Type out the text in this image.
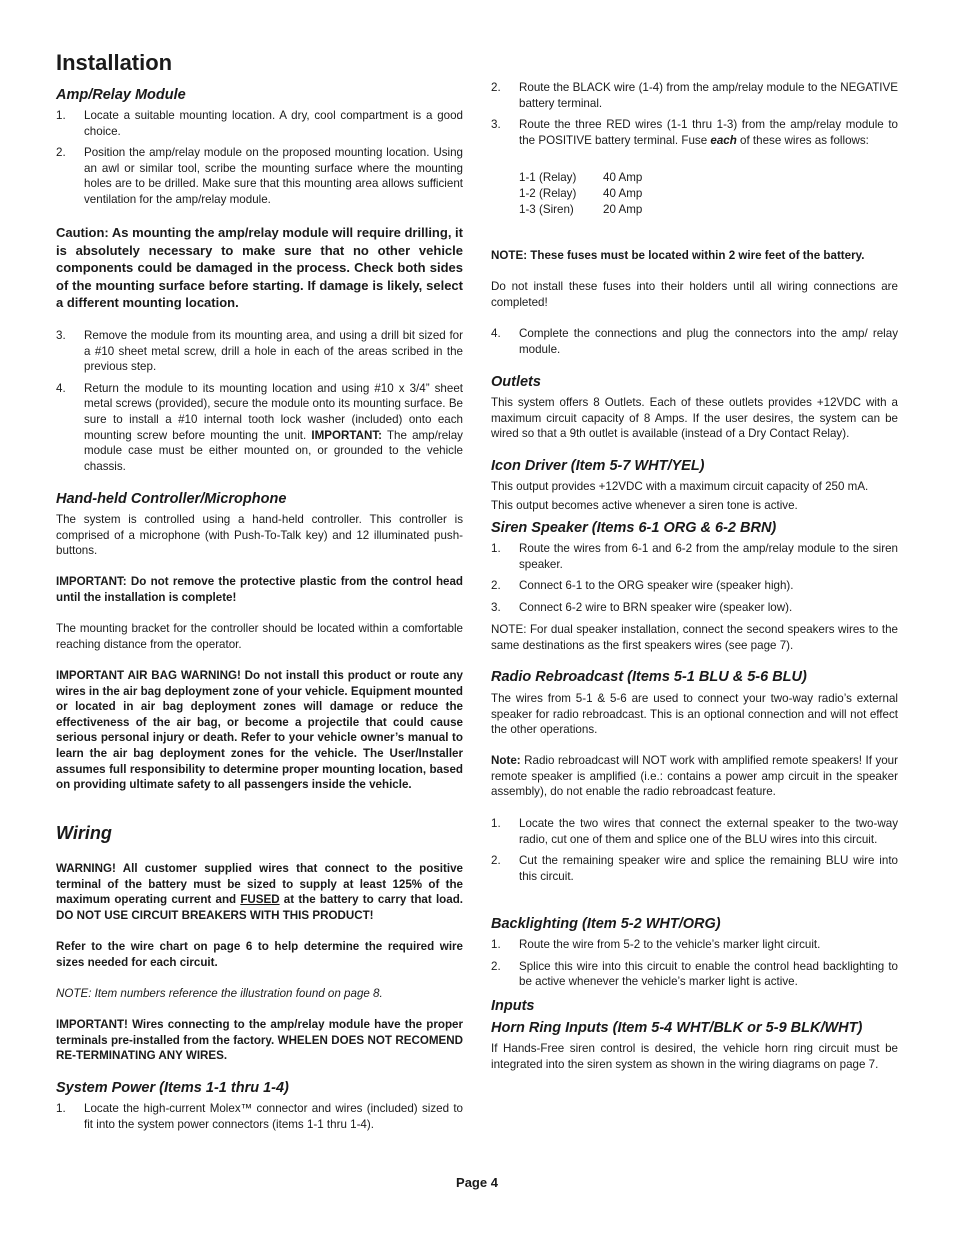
Installation
Amp/Relay Module
1. Locate a suitable mounting location. A dry, cool compartment is a good choice.
2. Position the amp/relay module on the proposed mounting location. Using an awl or similar tool, scribe the mounting surface where the mounting holes are to be drilled. Make sure that this mounting area allows sufficient ventilation for the amp/relay module.

Caution: As mounting the amp/relay module will require drilling, it is absolutely necessary to make sure that no other vehicle components could be damaged in the process. Check both sides of the mounting surface before starting. If damage is likely, select a different mounting location.

3. Remove the module from its mounting area, and using a drill bit sized for a #10 sheet metal screw, drill a hole in each of the areas scribed in the previous step.
4. Return the module to its mounting location and using #10 x 3/4” sheet metal screws (provided), secure the module onto its mounting surface. Be sure to install a #10 internal tooth lock washer (included) onto each mounting screw before mounting the unit. IMPORTANT: The amp/relay module case must be either mounted on, or grounded to the vehicle chassis.
Hand-held Controller/Microphone

The system is controlled using a hand-held controller. This controller is comprised of a microphone (with Push-To-Talk key) and 12 illuminated push-buttons.

IMPORTANT: Do not remove the protective plastic from the control head until the installation is complete!

The mounting bracket for the controller should be located within a comfortable reaching distance from the operator.

IMPORTANT AIR BAG WARNING! Do not install this product or route any wires in the air bag deployment zone of your vehicle. Equipment mounted or located in air bag deployment zones will damage or reduce the effectiveness of the air bag, or become a projectile that could cause serious personal injury or death. Refer to your vehicle owner’s manual to learn the air bag deployment zones for the vehicle. The User/Installer assumes full responsibility to determine proper mounting location, based on providing ultimate safety to all passengers inside the vehicle.

Wiring

WARNING! All customer supplied wires that connect to the positive terminal of the battery must be sized to supply at least 125% of the maximum operating current and FUSED at the battery to carry that load. DO NOT USE CIRCUIT BREAKERS WITH THIS PRODUCT!

Refer to the wire chart on page 6 to help determine the required wire sizes needed for each circuit.

NOTE: Item numbers reference the illustration found on page 8.

IMPORTANT! Wires connecting to the amp/relay module have the proper terminals pre-installed from the factory. WHELEN DOES NOT RECOMEND RE-TERMINATING ANY WIRES.

System Power (Items 1-1 thru 1-4)
1. Locate the high-current Molex™ connector and wires (included) sized to fit into the system power connectors (items 1-1 thru 1-4).
2. Route the BLACK wire (1-4) from the amp/relay module to the NEGATIVE battery terminal.
3. Route the three RED wires (1-1 thru 1-3) from the amp/relay module to the POSITIVE battery terminal. Fuse each of these wires as follows:
1-1 (Relay) 40 Amp
1-2 (Relay) 40 Amp
1-3 (Siren)	20 Amp

NOTE: These fuses must be located within 2 wire feet of the battery.

Do not install these fuses into their holders until all wiring connections are completed!

4. Complete the connections and plug the connectors into the amp/ relay module.
Outlets

This system offers 8 Outlets. Each of these outlets provides +12VDC with a maximum circuit capacity of 8 Amps. If the user desires, the system can be wired so that a 9th outlet is available (instead of a Dry Contact Relay).

Icon Driver (Item 5-7 WHT/YEL)

This output provides +12VDC with a maximum circuit capacity of 250 mA.

This output becomes active whenever a siren tone is active.

Siren Speaker (Items 6-1 ORG & 6-2 BRN)
1. Route the wires from 6-1 and 6-2 from the amp/relay module to the siren speaker.
2. Connect 6-1 to the ORG speaker wire (speaker high).
3. Connect 6-2 wire to BRN speaker wire (speaker low).

NOTE: For dual speaker installation, connect the second speakers wires to the same destinations as the first speakers wires (see page 7).

Radio Rebroadcast (Items 5-1 BLU & 5-6 BLU)

The wires from 5-1 & 5-6 are used to connect your two-way radio’s external speaker for radio rebroadcast. This is an optional connection and will not effect the other operations.

Note: Radio rebroadcast will NOT work with amplified remote speakers! If your remote speaker is amplified (i.e.: contains a power amp circuit in the speaker assembly), do not enable the radio rebroadcast feature.

1. Locate the two wires that connect the external speaker to the two-way radio, cut one of them and splice one of the BLU wires into this circuit.
2. Cut the remaining speaker wire and splice the remaining BLU wire into this circuit.
Backlighting (Item 5-2 WHT/ORG)
1. Route the wire from 5-2 to the vehicle’s marker light circuit.
2. Splice this wire into this circuit to enable the control head backlighting to be active whenever the vehicle’s marker light is active.
Inputs
Horn Ring Inputs (Item 5-4 WHT/BLK or 5-9 BLK/WHT)

If Hands-Free siren control is desired, the vehicle horn ring circuit must be integrated into the siren system as shown in the wiring diagrams on page 7.

Page 4
